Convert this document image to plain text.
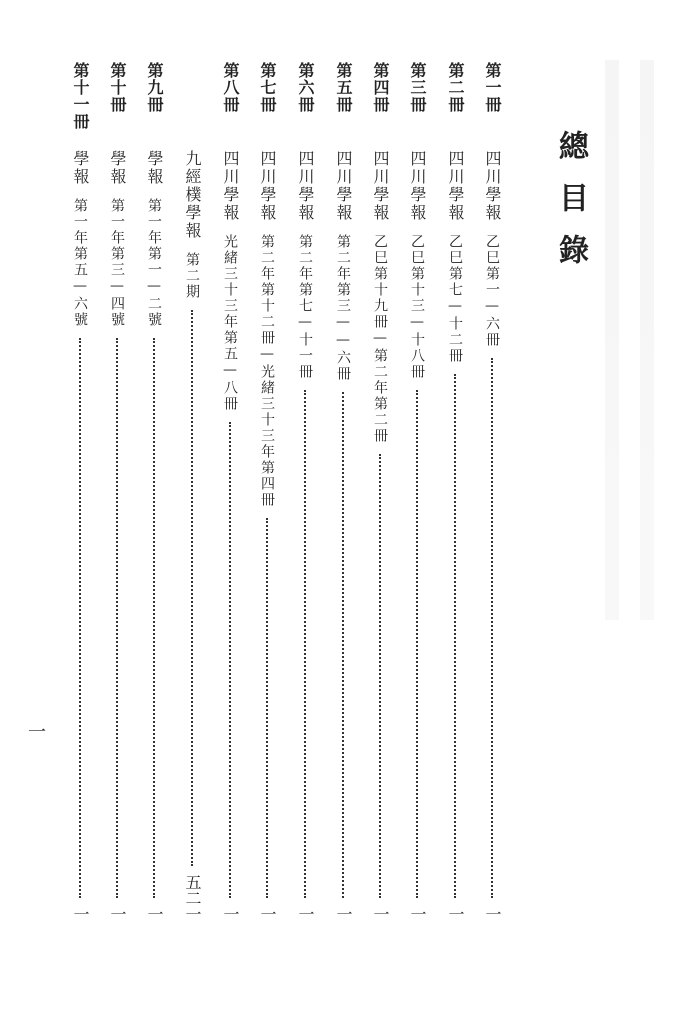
總目錄
第一冊
四川學報
乙巳第一—六冊
一
第二冊
四川學報
乙巳第七—十二冊
一
第三冊
四川學報
乙巳第十三—十八冊
一
第四冊
四川學報
乙巳第十九冊—第二年第二冊
一
第五冊
四川學報
第二年第三——六冊
一
第六冊
四川學報
第二年第七—十一冊
一
第七冊
四川學報
第二年第十二冊—光緒三十三年第四冊
一
第八冊
四川學報
光緒三十三年第五—八冊
一
九經樸學報
第二期
五二一
第九冊
學報
第一年第一—二號
一
第十冊
學報
第一年第三—四號
一
第十一冊
學報
第一年第五—六號
一
一
